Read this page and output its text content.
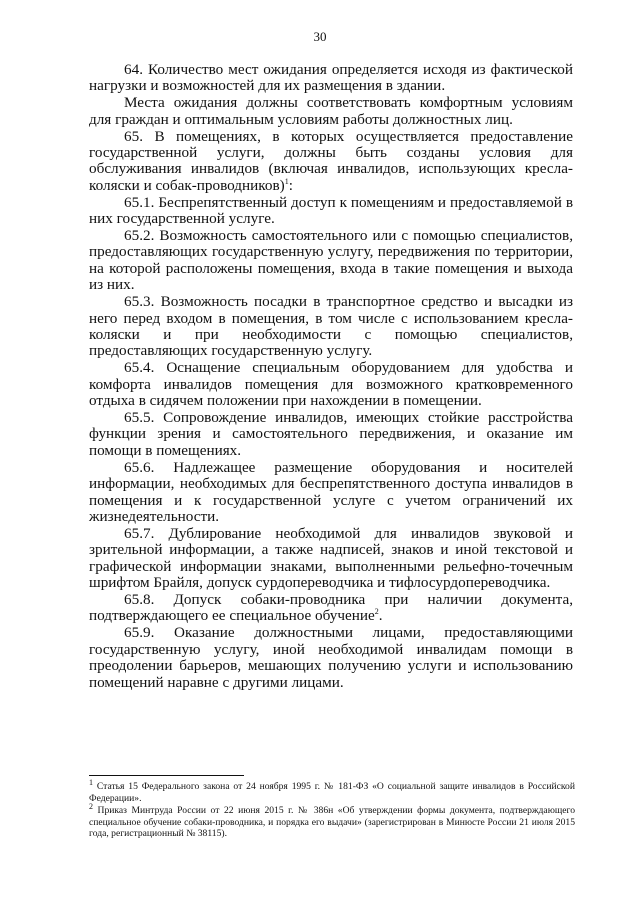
30

64. Количество мест ожидания определяется исходя из фактической нагрузки и возможностей для их размещения в здании.

Места ожидания должны соответствовать комфортным условиям для граждан и оптимальным условиям работы должностных лиц.

65. В помещениях, в которых осуществляется предоставление государственной услуги, должны быть созданы условия для обслуживания инвалидов (включая инвалидов, использующих кресла-коляски и собак-проводников)$^1$:

65.1. Беспрепятственный доступ к помещениям и предоставляемой в них государственной услуге.

65.2. Возможность самостоятельного или с помощью специалистов, предоставляющих государственную услугу, передвижения по территории, на которой расположены помещения, входа в такие помещения и выхода из них.

65.3. Возможность посадки в транспортное средство и высадки из него перед входом в помещения, в том числе с использованием кресла-коляски и при необходимости с помощью специалистов, предоставляющих государственную услугу.

65.4. Оснащение специальным оборудованием для удобства и комфорта инвалидов помещения для возможного кратковременного отдыха в сидячем положении при нахождении в помещении.

65.5. Сопровождение инвалидов, имеющих стойкие расстройства функции зрения и самостоятельного передвижения, и оказание им помощи в помещениях.

65.6. Надлежащее размещение оборудования и носителей информации, необходимых для беспрепятственного доступа инвалидов в помещения и к государственной услуге с учетом ограничений их жизнедеятельности.

65.7. Дублирование необходимой для инвалидов звуковой и зрительной информации, а также надписей, знаков и иной текстовой и графической информации знаками, выполненными рельефно-точечным шрифтом Брайля, допуск сурдопереводчика и тифлосурдопереводчика.

65.8. Допуск собаки-проводника при наличии документа, подтверждающего ее специальное обучение$^2$.

65.9. Оказание должностными лицами, предоставляющими государственную услугу, иной необходимой инвалидам помощи в преодолении барьеров, мешающих получению услуги и использованию помещений наравне с другими лицами.

$^1$ Статья 15 Федерального закона от 24 ноября 1995 г. № 181-ФЗ «О социальной защите инвалидов в Российской Федерации».

$^2$ Приказ Минтруда России от 22 июня 2015 г. № 386н «Об утверждении формы документа, подтверждающего специальное обучение собаки-проводника, и порядка его выдачи» (зарегистрирован в Минюсте России 21 июля 2015 года, регистрационный № 38115).
